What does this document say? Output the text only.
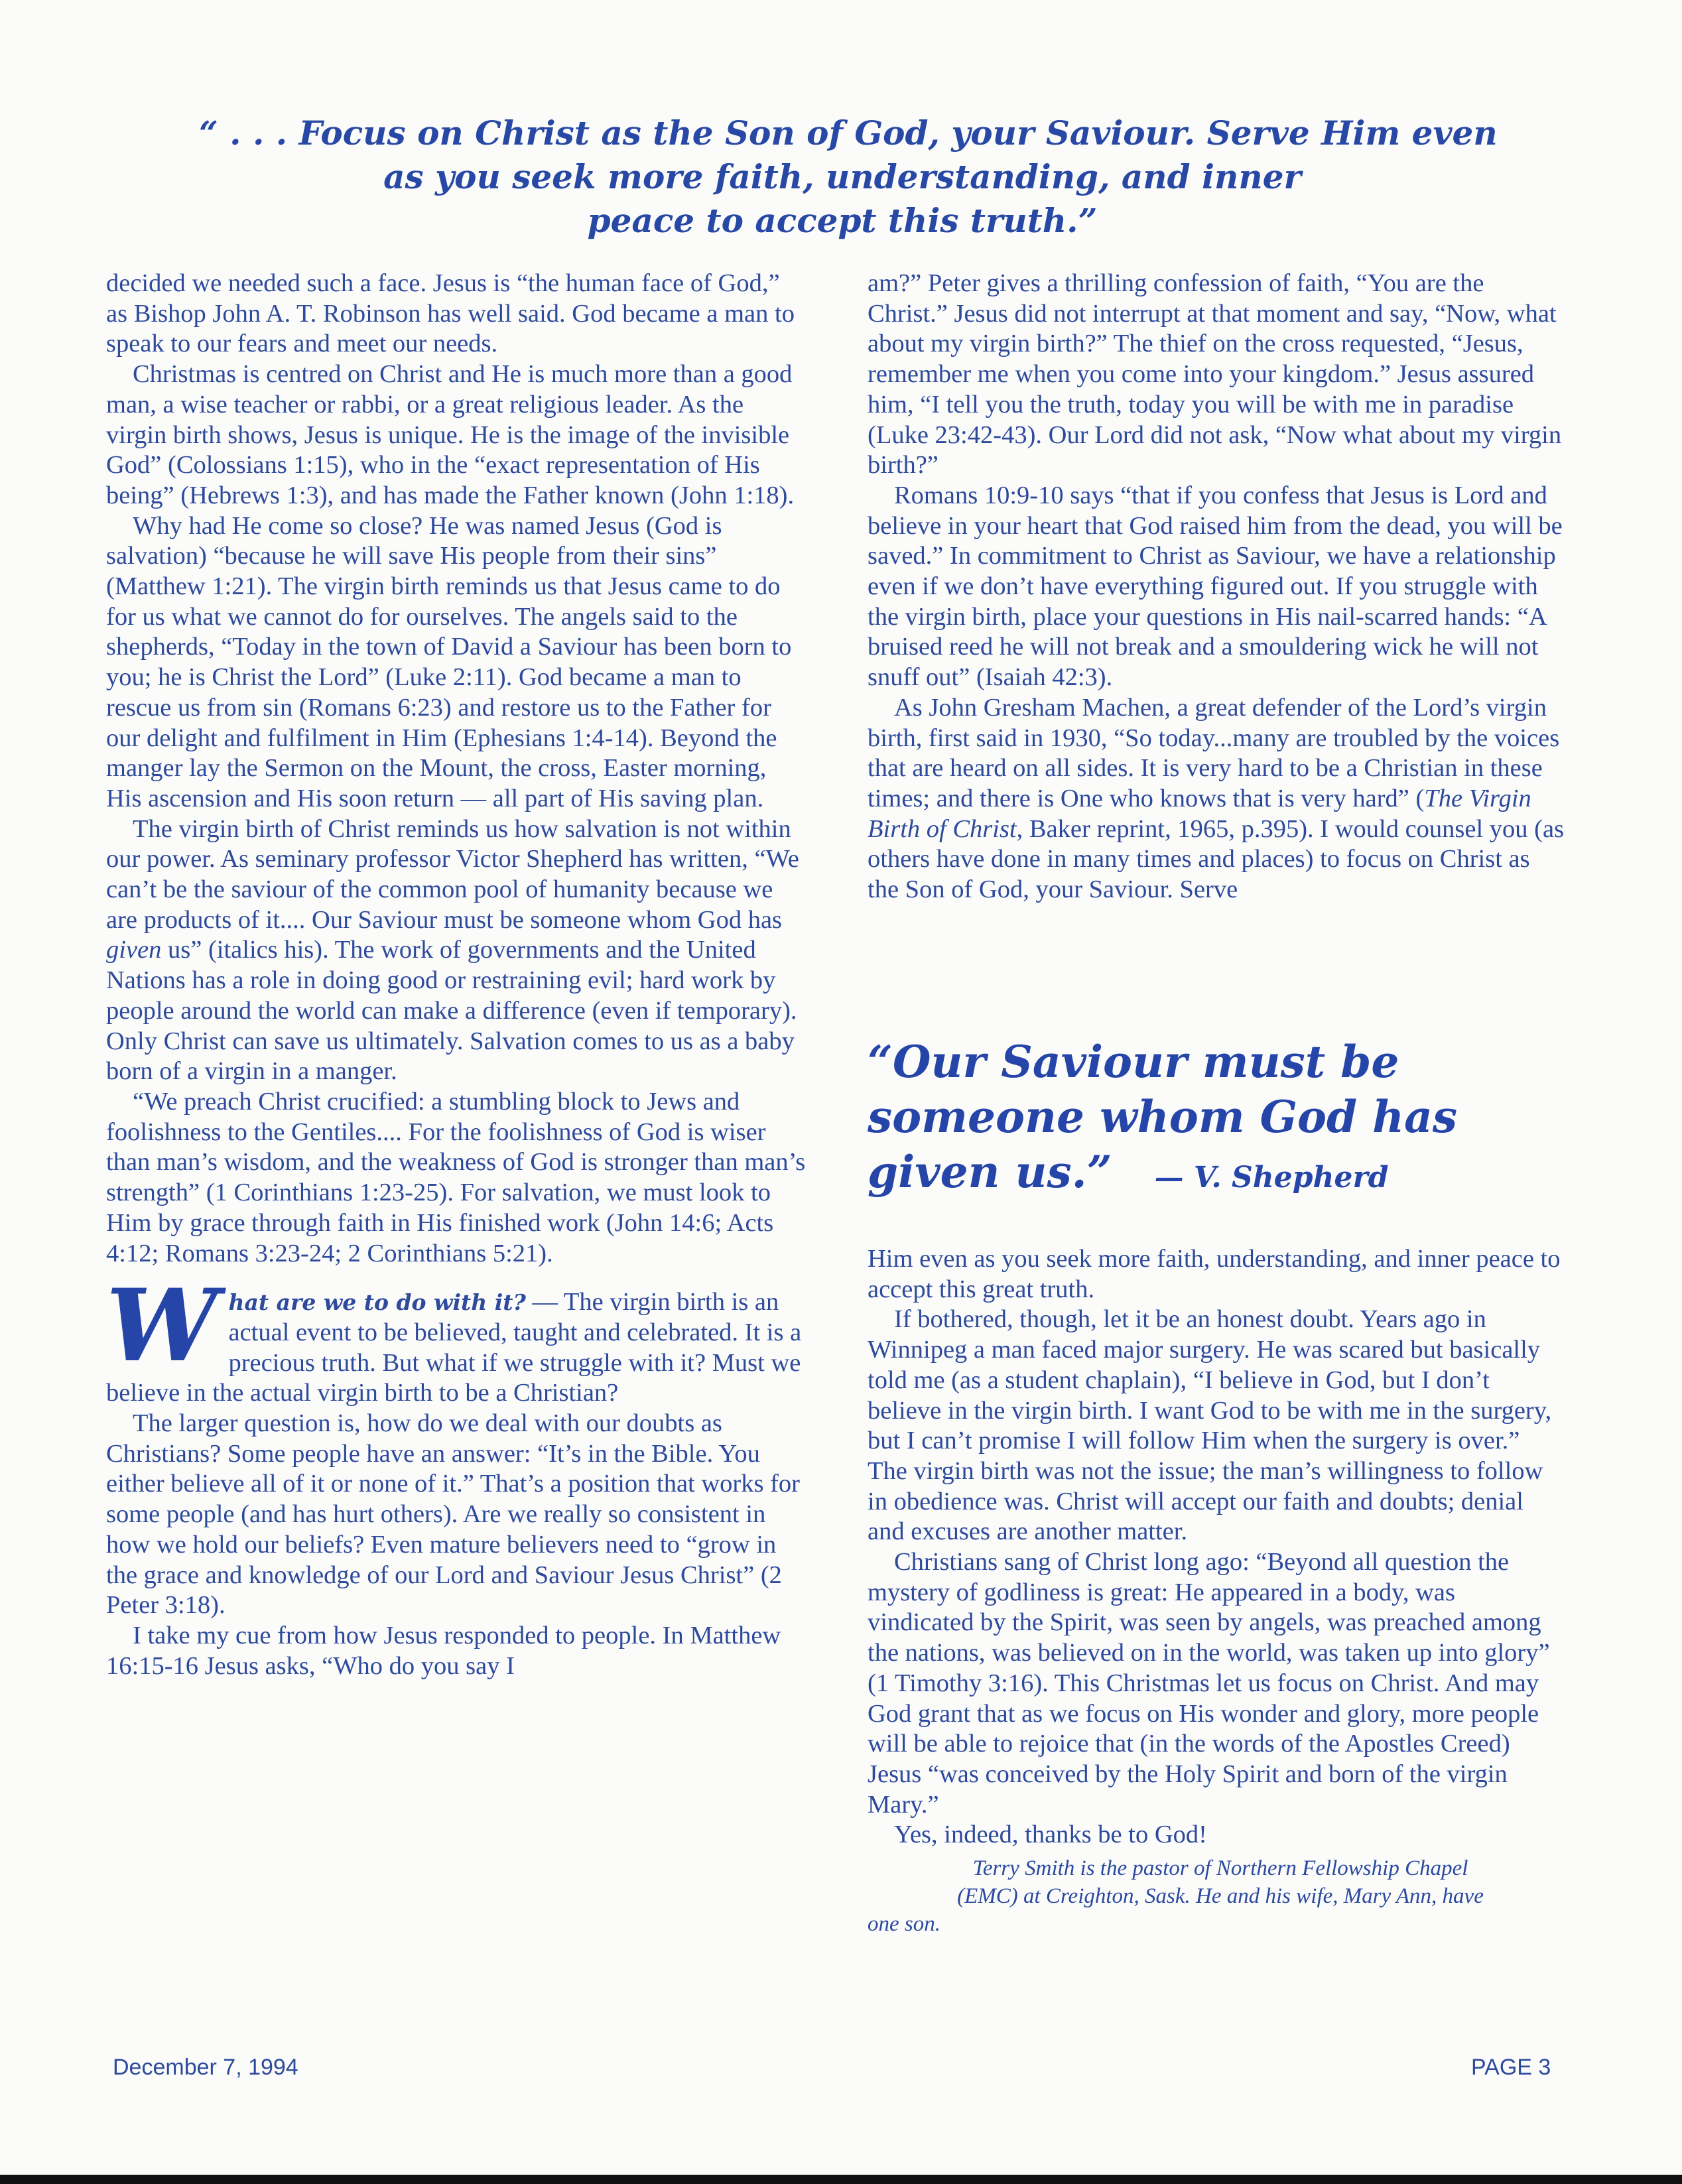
“ . . . Focus on Christ as the Son of God, your Saviour. Serve Him even
as you seek more faith, understanding, and inner
peace to accept this truth.”

decided we needed such a face. Jesus is “the human face of God,” as Bishop John A. T. Robinson has well said. God became a man to speak to our fears and meet our needs.

Christmas is centred on Christ and He is much more than a good man, a wise teacher or rabbi, or a great religious leader. As the virgin birth shows, Jesus is unique. He is the image of the invisible God” (Colossians 1:15), who in the “exact representation of His being” (Hebrews 1:3), and has made the Father known (John 1:18).

Why had He come so close? He was named Jesus (God is salvation) “because he will save His people from their sins” (Matthew 1:21). The virgin birth reminds us that Jesus came to do for us what we cannot do for ourselves. The angels said to the shepherds, “Today in the town of David a Saviour has been born to you; he is Christ the Lord” (Luke 2:11). God became a man to rescue us from sin (Romans 6:23) and restore us to the Father for our delight and fulfilment in Him (Ephesians 1:4-14). Beyond the manger lay the Sermon on the Mount, the cross, Easter morning, His ascension and His soon return — all part of His saving plan.

The virgin birth of Christ reminds us how salvation is not within our power. As seminary professor Victor Shepherd has written, “We can’t be the saviour of the common pool of humanity because we are products of it.... Our Saviour must be someone whom God has given us” (italics his). The work of governments and the United Nations has a role in doing good or restraining evil; hard work by people around the world can make a difference (even if temporary). Only Christ can save us ultimately. Salvation comes to us as a baby born of a virgin in a manger.

“We preach Christ crucified: a stumbling block to Jews and foolishness to the Gentiles.... For the foolishness of God is wiser than man’s wisdom, and the weakness of God is stronger than man’s strength” (1 Corinthians 1:23-25). For salvation, we must look to Him by grace through faith in His finished work (John 14:6; Acts 4:12; Romans 3:23-24; 2 Corinthians 5:21).

What are we to do with it? — The virgin birth is an actual event to be believed, taught and celebrated. It is a precious truth. But what if we struggle with it? Must we believe in the actual virgin birth to be a Christian?

The larger question is, how do we deal with our doubts as Christians? Some people have an answer: “It’s in the Bible. You either believe all of it or none of it.” That’s a position that works for some people (and has hurt others). Are we really so consistent in how we hold our beliefs? Even mature believers need to “grow in the grace and knowledge of our Lord and Saviour Jesus Christ” (2 Peter 3:18).

I take my cue from how Jesus responded to people. In Matthew 16:15-16 Jesus asks, “Who do you say I

am?” Peter gives a thrilling confession of faith, “You are the Christ.” Jesus did not interrupt at that moment and say, “Now, what about my virgin birth?” The thief on the cross requested, “Jesus, remember me when you come into your kingdom.” Jesus assured him, “I tell you the truth, today you will be with me in paradise (Luke 23:42-43). Our Lord did not ask, “Now what about my virgin birth?”

Romans 10:9-10 says “that if you confess that Jesus is Lord and believe in your heart that God raised him from the dead, you will be saved.” In commitment to Christ as Saviour, we have a relationship even if we don’t have everything figured out. If you struggle with the virgin birth, place your questions in His nail-scarred hands: “A bruised reed he will not break and a smouldering wick he will not snuff out” (Isaiah 42:3).

As John Gresham Machen, a great defender of the Lord’s virgin birth, first said in 1930, “So today...many are troubled by the voices that are heard on all sides. It is very hard to be a Christian in these times; and there is One who knows that is very hard” (The Virgin Birth of Christ, Baker reprint, 1965, p.395). I would counsel you (as others have done in many times and places) to focus on Christ as the Son of God, your Saviour. Serve

“Our Saviour must be
someone whom God has
given us.” — V. Shepherd

Him even as you seek more faith, understanding, and inner peace to accept this great truth.

If bothered, though, let it be an honest doubt. Years ago in Winnipeg a man faced major surgery. He was scared but basically told me (as a student chaplain), “I believe in God, but I don’t believe in the virgin birth. I want God to be with me in the surgery, but I can’t promise I will follow Him when the surgery is over.” The virgin birth was not the issue; the man’s willingness to follow in obedience was. Christ will accept our faith and doubts; denial and excuses are another matter.

Christians sang of Christ long ago: “Beyond all question the mystery of godliness is great: He appeared in a body, was vindicated by the Spirit, was seen by angels, was preached among the nations, was believed on in the world, was taken up into glory” (1 Timothy 3:16). This Christmas let us focus on Christ. And may God grant that as we focus on His wonder and glory, more people will be able to rejoice that (in the words of the Apostles Creed) Jesus “was conceived by the Holy Spirit and born of the virgin Mary.”

Yes, indeed, thanks be to God!

Terry Smith is the pastor of Northern Fellowship Chapel
(EMC) at Creighton, Sask. He and his wife, Mary Ann, have
one son.
December 7, 1994	PAGE 3
